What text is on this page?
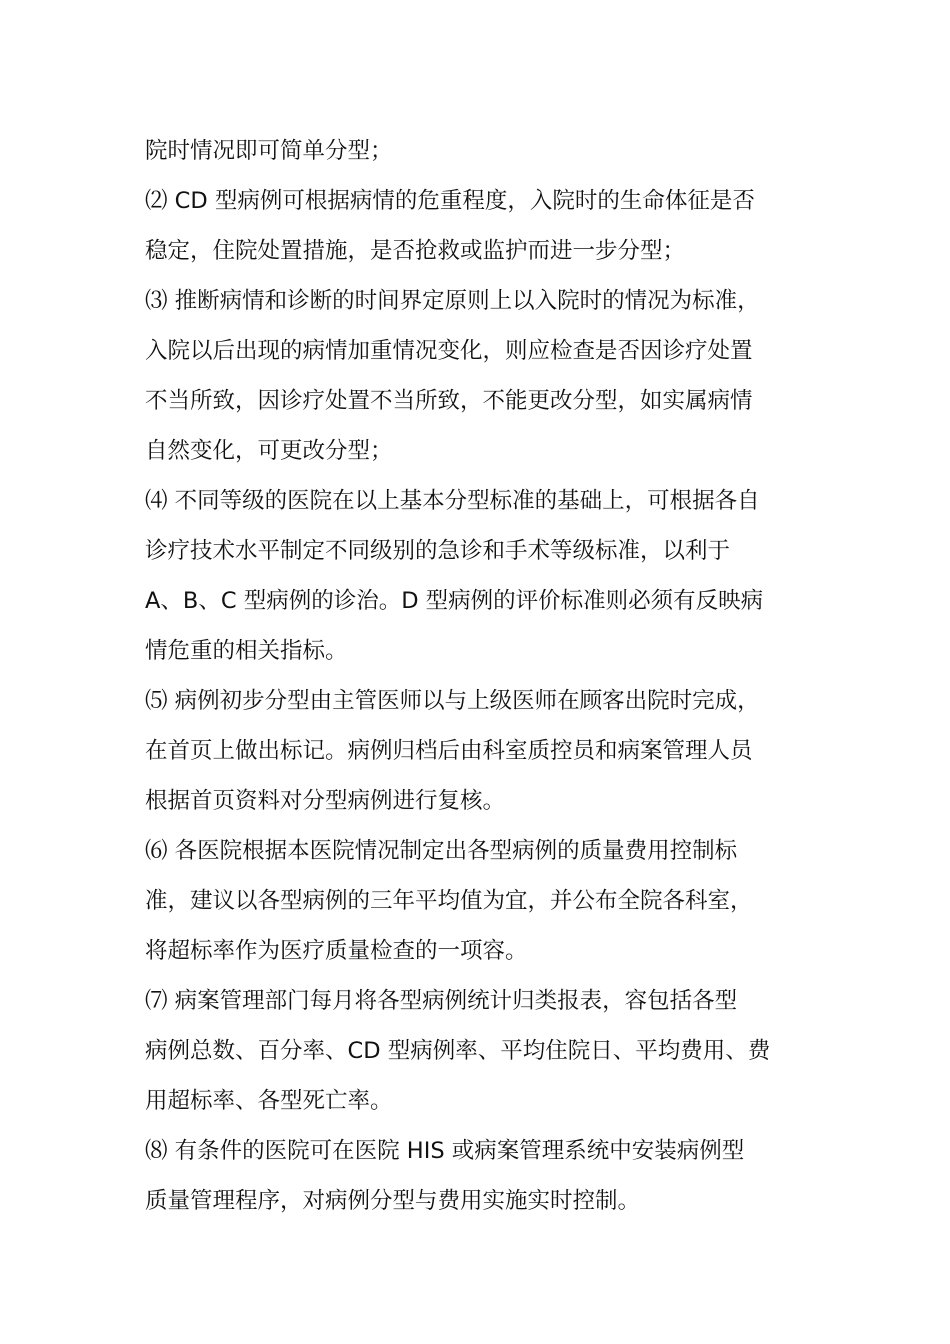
院时情况即可简单分型；
⑵ CD 型病例可根据病情的危重程度，入院时的生命体征是否
稳定，住院处置措施，是否抢救或监护而进一步分型；
⑶ 推断病情和诊断的时间界定原则上以入院时的情况为标准，
入院以后出现的病情加重情况变化，则应检查是否因诊疗处置
不当所致，因诊疗处置不当所致，不能更改分型，如实属病情
自然变化，可更改分型；
⑷ 不同等级的医院在以上基本分型标准的基础上，可根据各自
诊疗技术水平制定不同级别的急诊和手术等级标准，以利于
A、B、C 型病例的诊治。D 型病例的评价标准则必须有反映病
情危重的相关指标。
⑸ 病例初步分型由主管医师以与上级医师在顾客出院时完成，
在首页上做出标记。病例归档后由科室质控员和病案管理人员
根据首页资料对分型病例进行复核。
⑹ 各医院根据本医院情况制定出各型病例的质量费用控制标
准，建议以各型病例的三年平均值为宜，并公布全院各科室，
将超标率作为医疗质量检查的一项容。
⑺ 病案管理部门每月将各型病例统计归类报表，容包括各型
病例总数、百分率、CD 型病例率、平均住院日、平均费用、费
用超标率、各型死亡率。
⑻ 有条件的医院可在医院 HIS 或病案管理系统中安装病例型
质量管理程序，对病例分型与费用实施实时控制。
